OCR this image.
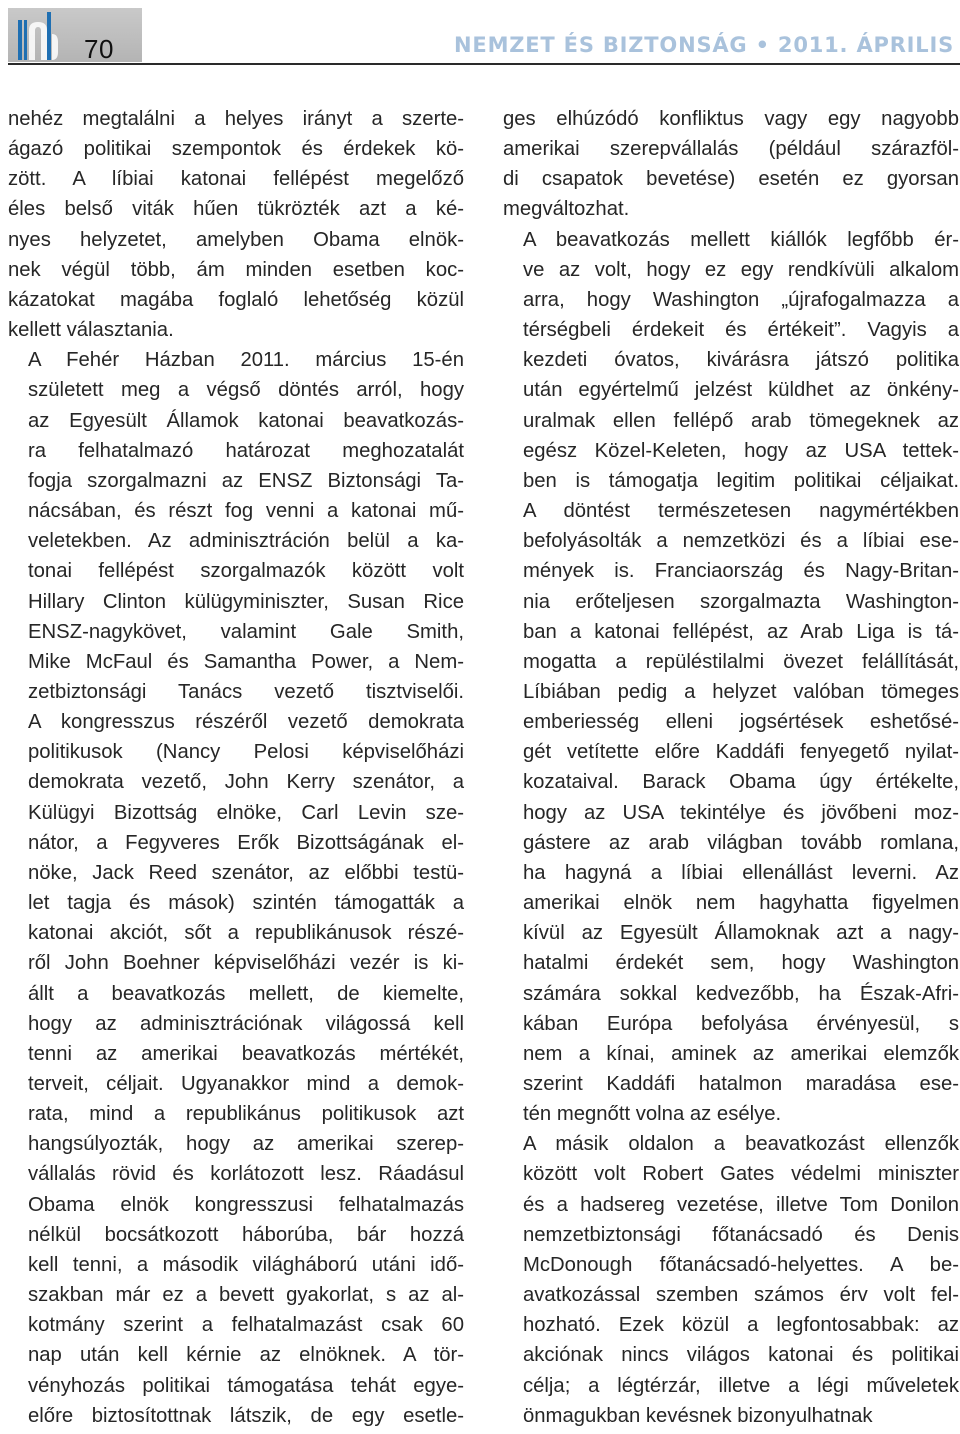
70	NEMZET ÉS BIZTONSÁG • 2011. ÁPRILIS

nehéz megtalálni a helyes irányt a szerte-
ágazó politikai szempontok és érdekek kö-
zött. A líbiai katonai fellépést megelőző
éles belső viták hűen tükrözték azt a ké-
nyes helyzetet, amelyben Obama elnök-
nek végül több, ám minden esetben koc-
kázatokat magába foglaló lehetőség közül
kellett választania.

A Fehér Házban 2011. március 15-én
született meg a végső döntés arról, hogy
az Egyesült Államok katonai beavatkozás-
ra felhatalmazó határozat meghozatalát
fogja szorgalmazni az ENSZ Biztonsági Ta-
nácsában, és részt fog venni a katonai mű-
veletekben. Az adminisztráción belül a ka-
tonai fellépést szorgalmazók között volt
Hillary Clinton külügyminiszter, Susan Rice
ENSZ-nagykövet, valamint Gale Smith,
Mike McFaul és Samantha Power, a Nem-
zetbiztonsági Tanács vezető tisztviselői.
A kongresszus részéről vezető demokrata
politikusok (Nancy Pelosi képviselőházi
demokrata vezető, John Kerry szenátor, a
Külügyi Bizottság elnöke, Carl Levin sze-
nátor, a Fegyveres Erők Bizottságának el-
nöke, Jack Reed szenátor, az előbbi testü-
let tagja és mások) szintén támogatták a
katonai akciót, sőt a republikánusok részé-
ről John Boehner képviselőházi vezér is ki-
állt a beavatkozás mellett, de kiemelte,
hogy az adminisztrációnak világossá kell
tenni az amerikai beavatkozás mértékét,
terveit, céljait. Ugyanakkor mind a demok-
rata, mind a republikánus politikusok azt
hangsúlyozták, hogy az amerikai szerep-
vállalás rövid és korlátozott lesz. Ráadásul
Obama elnök kongresszusi felhatalmazás
nélkül bocsátkozott háborúba, bár hozzá
kell tenni, a második világháború utáni idő-
szakban már ez a bevett gyakorlat, s az al-
kotmány szerint a felhatalmazást csak 60
nap után kell kérnie az elnöknek. A tör-
vényhozás politikai támogatása tehát egye-
előre biztosítottnak látszik, de egy esetle-

ges elhúzódó konfliktus vagy egy nagyobb
amerikai szerepvállalás (például szárazföl-
di csapatok bevetése) esetén ez gyorsan
megváltozhat.

A beavatkozás mellett kiállók legfőbb ér-
ve az volt, hogy ez egy rendkívüli alkalom
arra, hogy Washington „újrafogalmazza a
térségbeli érdekeit és értékeit”. Vagyis a
kezdeti óvatos, kivárásra játszó politika
után egyértelmű jelzést küldhet az önkény-
uralmak ellen fellépő arab tömegeknek az
egész Közel-Keleten, hogy az USA tettek-
ben is támogatja legitim politikai céljaikat.
A döntést természetesen nagymértékben
befolyásolták a nemzetközi és a líbiai ese-
mények is. Franciaország és Nagy-Britan-
nia erőteljesen szorgalmazta Washington-
ban a katonai fellépést, az Arab Liga is tá-
mogatta a repüléstilalmi övezet felállítását,
Líbiában pedig a helyzet valóban tömeges
emberiesség elleni jogsértések eshetősé-
gét vetítette előre Kaddáfi fenyegető nyilat-
kozataival. Barack Obama úgy értékelte,
hogy az USA tekintélye és jövőbeni moz-
gástere az arab világban tovább romlana,
ha hagyná a líbiai ellenállást leverni. Az
amerikai elnök nem hagyhatta figyelmen
kívül az Egyesült Államoknak azt a nagy-
hatalmi érdekét sem, hogy Washington
számára sokkal kedvezőbb, ha Észak-Afri-
kában Európa befolyása érvényesül, s
nem a kínai, aminek az amerikai elemzők
szerint Kaddáfi hatalmon maradása ese-
tén megnőtt volna az esélye.

A másik oldalon a beavatkozást ellenzők
között volt Robert Gates védelmi miniszter
és a hadsereg vezetése, illetve Tom Donilon
nemzetbiztonsági főtanácsadó és Denis
McDonough főtanácsadó-helyettes. A be-
avatkozással szemben számos érv volt fel-
hozható. Ezek közül a legfontosabbak: az
akciónak nincs világos katonai és politikai
célja; a légtérzár, illetve a légi műveletek
önmagukban kevésnek bizonyulhatnak
